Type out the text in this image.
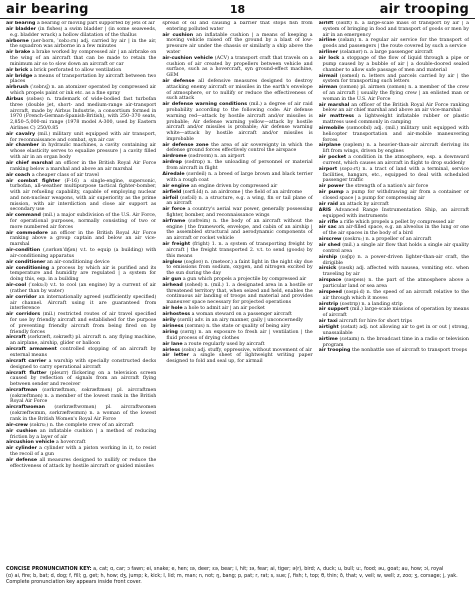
air bearing	18	air trooping
air bearing a bearing or moving part supported by jets of air
air bladder (in fishes) a swim bladder | (in some seaweeds, e.g. bladder wrack) a hollow dilatation of the thallus
airborne (aer·born, ˈɛəbɔːrn) adj. carried by air | in the air, the squadron was airborne in a few minutes
air brake a brake worked by compressed air | an airbrake on the wing of an aircraft that can be made to retain the minimum air so to slow down an aircraft or car
air brick a brick perforated to allow ventilation
air bridge a means of transportation by aircraft between two places
airbrush (ˈɛəbrʌʃ) n. an atomizer operated by compressed air which propels paint or ink etc. as a fine spray
Airbus (ɛəbəs) n. trademark of wide-bodied fast turbofan three (double jet, short- and medium-range air-transport aircraft, made by Airbus Industrie, a consortium formed in 1970 (French-German-Spanish-British), with 250–370 seats, 2,850–5,000-mi range (1978 model A-300, used by Eastern Airlines C) 250/0.85
air cavalry (mil.) military unit equipped with air transport, for reconnaissance and combat, syn air cav
air chamber in hydraulic machines, a cavity containing air whose elasticity serves to equalize pressure | a cavity filled with air in an organ body
air chief marshal an officer in the British Royal Air Force ranking below a marshal and above an air marshal
air coach a cheaper class of air travel
air combat fighter (F-16) a single-engine, supersonic, turbofan, all-weather multipurpose tactical fighter-bomber, with air refueling capability, capable of employing nuclear and non-nuclear weapons, with air superiority as the prime mission, with air interdiction and close air support as secondary use
air command (mil.) a major subdivision of the U.S. Air Force, for operational purposes, normally consisting of two or more numbered air forces
air commodore an officer in the British Royal Air Force ranking above a group captain and below an air vice-marshal
air-condition (ˌɛərkənˈdɪʃən) v.t. to equip (a building) with air-conditioning apparatus
air conditioner an air-conditioning device
air conditioning a process by which air is purified and its temperature and humidity are regulated | a system for doing this, esp. in a building
air-cool (ˈɛəkuːl) v.t. to cool (an engine) by a current of air (rather than by water)
air corridor an internationally agreed (sufficiently specified) air channel. Aircraft using it are guaranteed from interference
air corridors (mil.) restricted routes of air travel specified for use by friendly aircraft and established for the purpose of preventing friendly aircraft from being fired on by friendly forces
aircraft (ɛərkræft, ɛəkræft) pl. aircraft n. any flying machine, an airplane, airship, glider or balloon
aircraft armament controlled stopping of an aircraft by external means
aircraft carrier a warship with specially constructed decks designed to carry operational aircraft
aircraft flutter (pleurr) flickering on a television screen caused by reflection of signals from an aircraft flying between sender and receiver
aircraftman (ɛərkræftmən, ɛəkræftmən) pl. aircraftmen (ɛəkræftmən) n. a member of the lowest rank in the British Royal Air Force
aircraftwoman (ɛərkræftwʊmən) pl. aircraftwomen (ɛəkræftwɪmɪn, ɛərkræftwɪmɪn) n. a woman of the lowest rank in the British Women's Royal Air Force
air-crew (ɛəkruː) n. the complete crew of an aircraft
air cushion an inflatable cushion | a method of reducing friction by a layer of air
aircushion vehicle a hovercraft
air cylinder a cylinder with a piston working in it, to resist the recoil of a gun
air defense all measures designed to nullify or reduce the effectiveness of attack by hostile aircraft or guided missiles
spread of oil and causing a barrier that stops fish from entering polluted water
air cushion an inflatable cushion | a means of keeping a moving vehicle raised off the ground by a blast of low-pressure air under the chassis or similarly a ship above the water
air-cushion vehicle (ACV) a transport craft that travels on a cushion of air created by propellers between vehicle and surface, such as a hovercraft, syn ground-effect machine, GEM
air defense all defensive measures designed to destroy attacking enemy aircraft or missiles in the earth's envelope of atmosphere, or to nullify or reduce the effectiveness of such attack
air defense warning conditions (mil.) a degree of air raid probability according to the following code: Air defense warning red—attack by hostile aircraft and/or missiles is probable; Air defense warning yellow—attack by hostile aircraft and/or missiles is probable; Air defense warning white—attack by hostile aircraft and/or missiles is improbable
air defense zone the area of air sovereignty in which the defense ground forces effectively control the airspace
airdrome (ɛədroʊm) n. an airport
airdrop (ɛədrɒp) n. the unloading of personnel or material from aircraft in flight
Airedale (ɛərdeil) n. a breed of large brown and black terrier with a rough coat
air engine an engine driven by compressed air
airfield (ɛərfiːld) n. an airdrome | the field of an airdrome
airfoil (ɛəfɔil) n. a structure, e.g. a wing, fin or tail plane of an aircraft
air force a country's aerial war power, generally possessing fighter, bomber, and reconnaissance wings
airframe (ɛəfreim) n. the body of an aircraft without the engine | the framework, envelope, and cabin of an airship | the assembled structural and aerodynamic components of an aircraft or rocket vehicle
air freight (fright) 1. n. a system of transporting freight by aircraft | the freight transported 2. v.t. to send (goods) by this means
airglow (ɛəgloʊ) n. (meteor.) a faint light in the night sky due to emissions from sodium, oxygen, and nitrogen excited by the sun during the day
air gun a gun which propels a projectile by compressed air
airhead (ɛəhed) n. (mil.) 1. a designated area in a hostile or threatened territory that, when seized and held, enables the continuous air landing of troops and material and provides maneuver space necessary for projected operations
air hole a hole to admit air | an air pocket
airhostess a woman steward on a passenger aircraft
airily (ɛərɪli) adv. in an airy manner, gaily | unconcernedly
airiness (ɛərɪnɪs) n. the state or quality of being airy
airing (ɛərɪŋ) n. an exposure to fresh air | ventilation | the fluid process of drying clothes
air lane a route regularly used by aircraft
airless (ɛəlɪs) adj. stuffy, oppressive, without movement of air
air letter a single sheet of lightweight writing paper designed to fold and seal up, for airmail
airlift (ɛəlɪft) n. a large-scale mass of transport by air | a system of bringing in food and transport of goods or men by air in an emergency
airline (ɛəlaɪn) n. a regular air service for the transport of goods and passengers | the route covered by such a service
airliner (ɛəlaɪnər) n. a large passenger aircraft
air lock a stoppage of the flow of liquid through a pipe or pump caused by a bubble of air | a double-doored sealed chamber to allow safe passage of men and material
airmail (ɛəmeɪl) n. letters and parcels carried by air | the system for transporting such letters
airman (ɛəmən) pl. airmen (ɛəmən) n. a member of the crew of an aircraft | usually the flying crew | an enlisted man or woman in the U.S. Air Force
air marshal an officer of the British Royal Air Force ranking below an air chief marshal and above an air vice-marshal
air mattress a lightweight inflatable rubber or plastic mattress used commonly in camping
airmobile (ɛəmoʊbɪl) adj. (mil.) military unit equipped with helicopter transportation and air-mobile maneuvering forces
airplane (ɛəpleɪn) n. a heavier-than-air aircraft deriving its lift from wings, driven by engines
air pocket a condition in the atmosphere, esp. a downward current, which causes an aircraft in flight to drop suddenly
airport (ɛəpɔːrt) n. a tract of land with a terminal, service facilities, hangars, etc., equipped to deal with scheduled passenger traffic
air power the strength of a nation's air force
air pump a pump for withdrawing air from a container or closed space | a pump for compressing air
air raid an attack by aircraft
ARIS Advanced Range Instrumentation Ship, an aircraft equipped with instruments
air rifle a rifle which propels a pellet by compressed air
air sac an air-filled space, e.g. an alveolus in the lung or one of the air spaces in the body of a bird
airscrew (ɛəskruː) n. a propeller of an aircraft
air shed (mil.) a single air flow that holds a single air quality control area
airship (ɛəʃɪp) n. a power-driven lighter-than-air craft, the dirigible
airsick (ɛəsɪk) adj. affected with nausea, vomiting etc. when traveling by air
airspace (ɛəspeɪs) n. the part of the atmosphere above a particular land or sea area
airspeed (ɛəspiːd) n. the speed of an aircraft relative to the air through which it moves
airstrip (ɛəstrɪp) n. a landing strip
air support (mil.) large-scale missions of operation by means of aircraft
air taxi aircraft for hire for short trips
airtight (ɛətaɪt) adj. not allowing air to get in or out | strong, unassailable
airtime (ɛətaɪm) n. the broadcast time in a radio or television program
air trooping the nonbattle use of aircraft to transport troops
CONCISE PRONUNCIATION KEY: a, cat; ɑ, car; ɔ fawn; ei, snake; e, hen; ɪə, deer; ɛə, bear; i, hit; ɪə, fear; ai, tiger; ə(r), bird; ʌ, duck; u, bull; uː, food; əu, goat; au, how; ɔi, royal
(ɑ) ai, fire; b, bat; d, dog; f, fill; g, get; h, how; dʒ, jump; k, kick; l, lid; m, man; n, not; ŋ, bang; p, pat; r, rat; s, sue; ʃ, fish; t, top; θ, thin; ð, that; v, veil; w, well; z, zoo; ʒ, corsage; j, yak. Complete pronunciation key appears inside front cover.
